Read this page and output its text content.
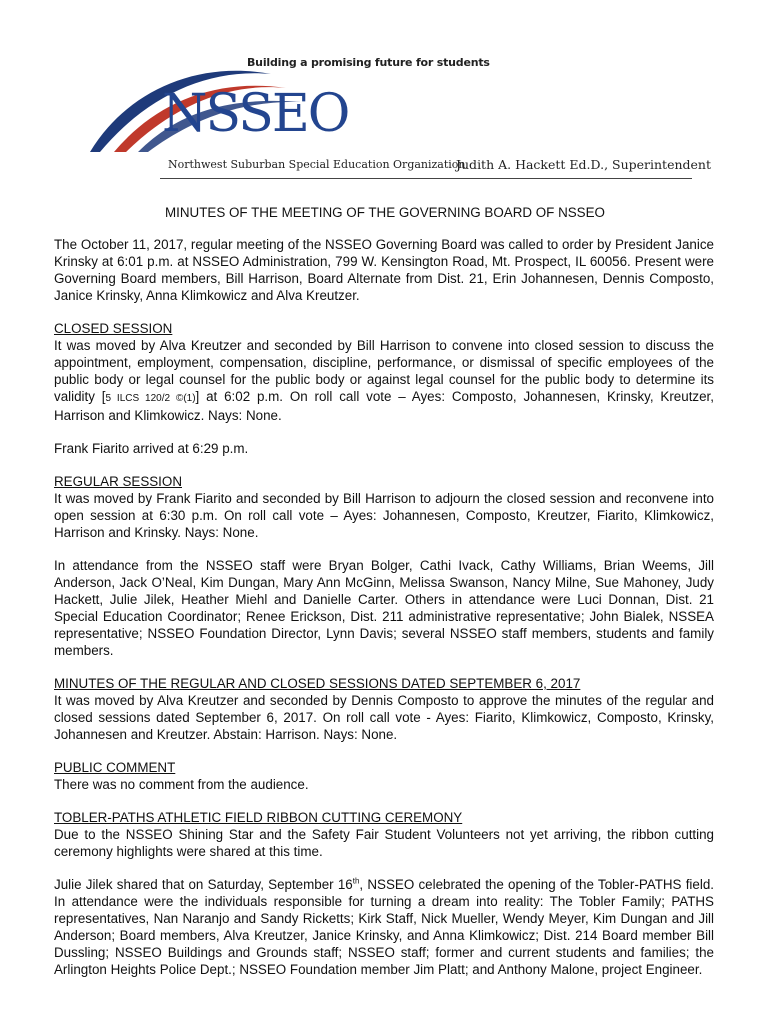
Building a promising future for students
NSSEO
Northwest Suburban Special Education Organization
Judith A. Hackett Ed.D., Superintendent
MINUTES OF THE MEETING OF THE GOVERNING BOARD OF NSSEO

The October 11, 2017, regular meeting of the NSSEO Governing Board was called to order by President Janice Krinsky at 6:01 p.m. at NSSEO Administration, 799 W. Kensington Road, Mt. Prospect, IL 60056. Present were Governing Board members, Bill Harrison, Board Alternate from Dist. 21, Erin Johannesen, Dennis Composto, Janice Krinsky, Anna Klimkowicz and Alva Kreutzer.

CLOSED SESSION
It was moved by Alva Kreutzer and seconded by Bill Harrison to convene into closed session to discuss the appointment, employment, compensation, discipline, performance, or dismissal of specific employees of the public body or legal counsel for the public body or against legal counsel for the public body to determine its validity [5 ILCS 120/2 ©(1)] at 6:02 p.m. On roll call vote – Ayes: Composto, Johannesen, Krinsky, Kreutzer, Harrison and Klimkowicz. Nays: None.

Frank Fiarito arrived at 6:29 p.m.

REGULAR SESSION
It was moved by Frank Fiarito and seconded by Bill Harrison to adjourn the closed session and reconvene into open session at 6:30 p.m. On roll call vote – Ayes: Johannesen, Composto, Kreutzer, Fiarito, Klimkowicz, Harrison and Krinsky. Nays: None.

In attendance from the NSSEO staff were Bryan Bolger, Cathi Ivack, Cathy Williams, Brian Weems, Jill Anderson, Jack O’Neal, Kim Dungan, Mary Ann McGinn, Melissa Swanson, Nancy Milne, Sue Mahoney, Judy Hackett, Julie Jilek, Heather Miehl and Danielle Carter. Others in attendance were Luci Donnan, Dist. 21 Special Education Coordinator; Renee Erickson, Dist. 211 administrative representative; John Bialek, NSSEA representative; NSSEO Foundation Director, Lynn Davis; several NSSEO staff members, students and family members.

MINUTES OF THE REGULAR AND CLOSED SESSIONS DATED SEPTEMBER 6, 2017
It was moved by Alva Kreutzer and seconded by Dennis Composto to approve the minutes of the regular and closed sessions dated September 6, 2017. On roll call vote - Ayes: Fiarito, Klimkowicz, Composto, Krinsky, Johannesen and Kreutzer. Abstain: Harrison. Nays: None.
PUBLIC COMMENT
There was no comment from the audience.
TOBLER-PATHS ATHLETIC FIELD RIBBON CUTTING CEREMONY
Due to the NSSEO Shining Star and the Safety Fair Student Volunteers not yet arriving, the ribbon cutting ceremony highlights were shared at this time.

Julie Jilek shared that on Saturday, September 16th, NSSEO celebrated the opening of the Tobler-PATHS field. In attendance were the individuals responsible for turning a dream into reality: The Tobler Family; PATHS representatives, Nan Naranjo and Sandy Ricketts; Kirk Staff, Nick Mueller, Wendy Meyer, Kim Dungan and Jill Anderson; Board members, Alva Kreutzer, Janice Krinsky, and Anna Klimkowicz; Dist. 214 Board member Bill Dussling; NSSEO Buildings and Grounds staff; NSSEO staff; former and current students and families; the Arlington Heights Police Dept.; NSSEO Foundation member Jim Platt; and Anthony Malone, project Engineer.
